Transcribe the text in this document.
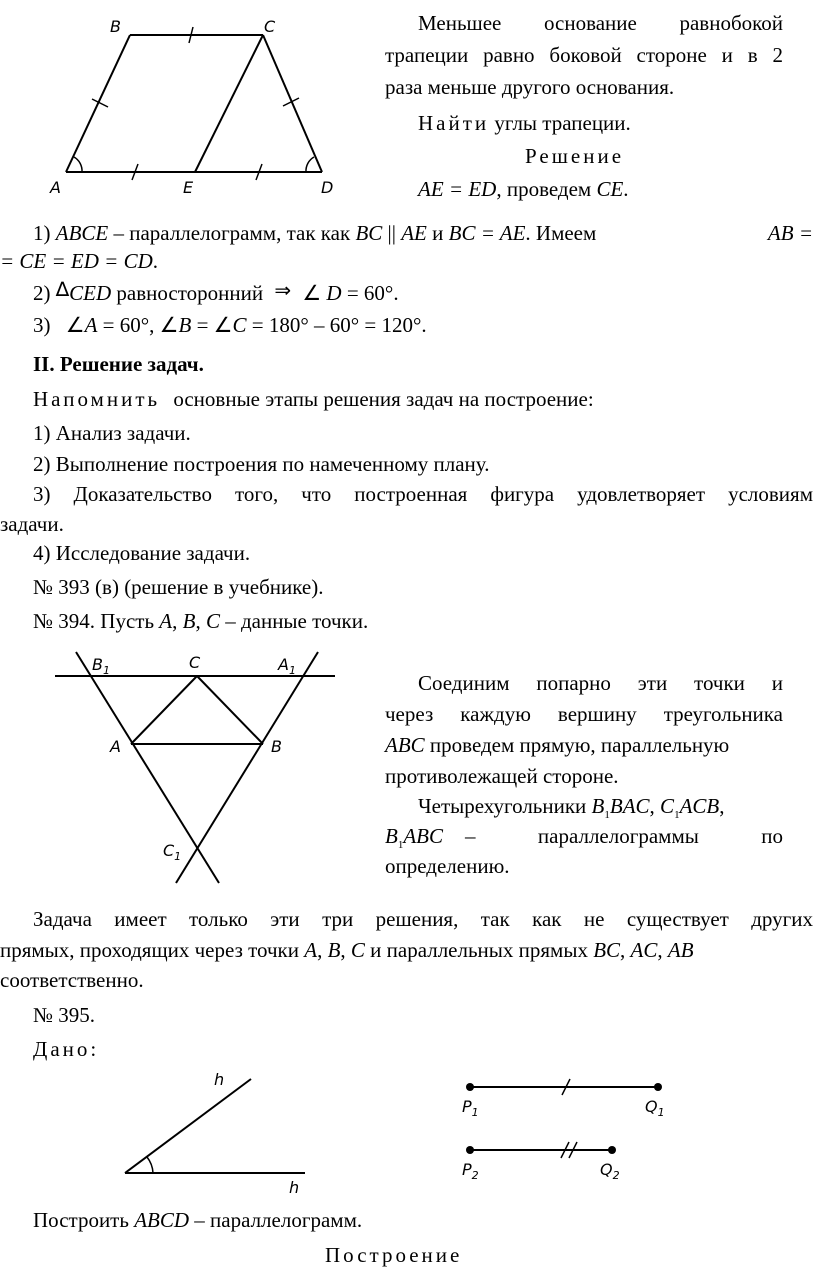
B	C
A	E	D
Меньшее основание равнобокой
трапеции равно боковой стороне и в 2
раза меньше другого основания.
Найти углы трапеции.
Решение
AE = ED, проведем CE.
1) ABCE – параллелограмм, так как BC || AE и BC = AE. Имеем	AB =
= CE = ED = CD.
2) ∆CED равносторонний ⇒ ∠ D = 60°.
3) ∠A = 60°, ∠B = ∠C = 180° – 60° = 120°.
II. Решение задач.
Напомнить основные этапы решения задач на построение:
1) Анализ задачи.
2) Выполнение построения по намеченному плану.
3) Доказательство того, что построенная фигура удовлетворяет условиям
задачи.
4) Исследование задачи.
№ 393 (в) (решение в учебнике).
№ 394. Пусть A, B, C – данные точки.
$B_1$	C	$A_1$
A	B
$C_1$
Соединим попарно эти точки и
через каждую вершину треугольника
ABC проведем прямую, параллельную
противолежащей стороне.
Четырехугольники $B_1BAC$, $C_1ACB$,
$B_1ABC$ – параллелограммы по
определению.
Задача имеет только эти три решения, так как не существует других
прямых, проходящих через точки A, B, C и параллельных прямых BC, AC, AB
соответственно.
№ 395.
Дано:
h
h
$P_1$	$Q_1$
$P_2$	$Q_2$
Построить ABCD – параллелограмм.
Построение
